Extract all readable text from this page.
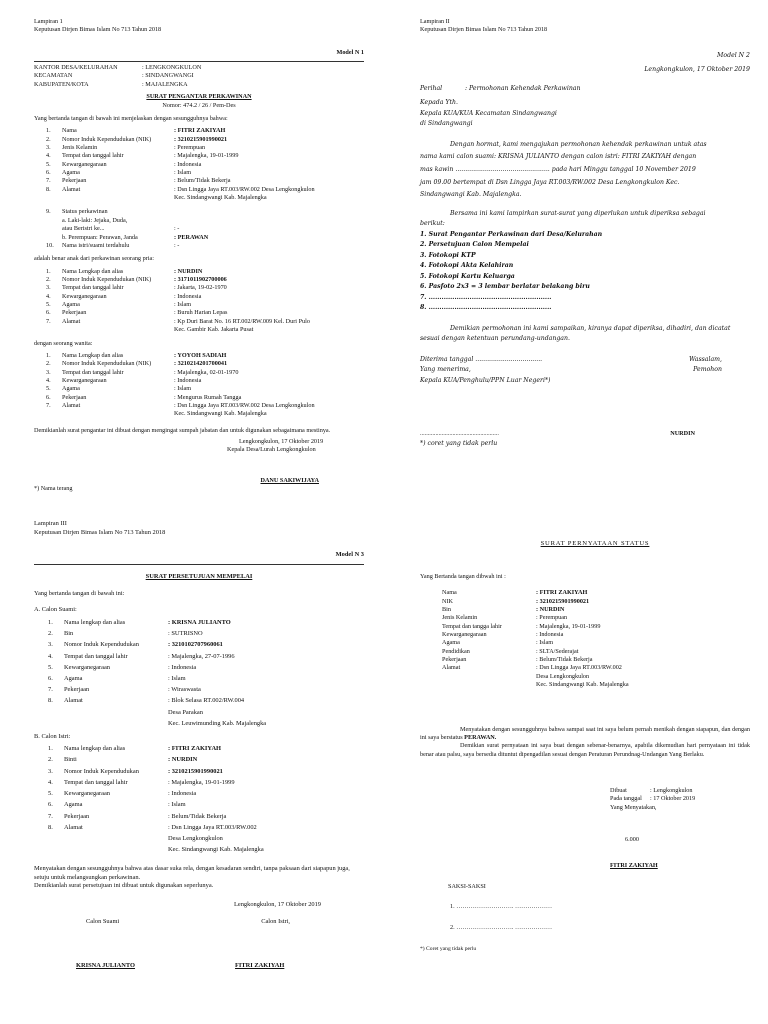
Lampiran 1
Keputusan Dirjen Bimas Islam No 713 Tahun 2018
Model N 1
KANTOR DESA/KELURAHAN	: LENGKONGKULON
KECAMATAN	: SINDANGWANGI
KABUPATEN/KOTA	: MAJALENGKA
SURAT PENGANTAR PERKAWINAN
Nomor: 474.2 / 26 / Pem-Des
Yang bertanda tangan di bawah ini menjelaskan dengan sesungguhnya bahwa:
1.	Nama	: FITRI ZAKIYAH
2.	Nomor Induk Kependudukan (NIK)	: 3210215901990021
3.	Jenis Kelamin	: Perempuan
4.	Tempat dan tanggal lahir	: Majalengka, 19-01-1999
5.	Kewarganegaraan	: Indonesia
6.	Agama	: Islam
7.	Pekerjaan	: Belum/Tidak Bekerja
8.	Alamat	: Dsn Lingga Jaya RT.003/RW.002 Desa Lengkongkulon
Kec. Sindangwangi Kab. Majalengka
9.	Status perkawinan
a. Laki-laki: Jejaka, Duda,
atau Beristri ke...	: -
b. Perempuan: Perawan, Janda	: PERAWAN
10.	Nama istri/suami terdahulu	: -
adalah benar anak dari perkawinan seorang pria:
1.	Nama Lengkap dan alias	: NURDIN
2.	Nomor Induk Kependudukan (NIK)	: 3171011902700006
3.	Tempat dan tanggal lahir	: Jakarta, 19-02-1970
4.	Kewarganegaraan	: Indonesia
5.	Agama	: Islam
6.	Pekerjaan	: Buruh Harian Lepas
7.	Alamat	: Kp Duri Barat No. 16 RT.002/RW.009 Kel. Duri Pulo
Kec. Gambir Kab. Jakarta Pusat
dengan seorang wanita:
1.	Nama Lengkap dan alias	: YOYOH SADIAH
2.	Nomor Induk Kependudukan (NIK)	: 3210214201700041
3.	Tempat dan tanggal lahir	: Majalengka, 02-01-1970
4.	Kewarganegaraan	: Indonesia
5.	Agama	: Islam
6.	Pekerjaan	: Mengurus Rumah Tangga
7.	Alamat	: Dsn Lingga Jaya RT.003/RW.002 Desa Lengkongkulon
Kec. Sindangwangi Kab. Majalengka
Demikianlah surat pengantar ini dibuat dengan mengingat sumpah jabatan dan untuk digunakan sebagaimana mestinya.
Lengkongkulon, 17 Oktober 2019
Kepala Desa/Lurah Lengkongkulon
*) Nama terang
DANU SAKIWIJAYA
Lampiran II
Keputusan Dirjen Bimas Islam No 713 Tahun 2018
Model N 2
Lengkongkulon, 17 Oktober 2019
Perihal	: Permohonan Kehendak Perkawinan
Kepada Yth.
Kepala KUA/KUA Kecamatan Sindangwangi
di Sindangwangi
Dengan hormat, kami mengajukan permohonan kehendak perkawinan untuk atas
nama kami calon suami: KRISNA JULIANTO dengan calon istri: FITRI ZAKIYAH dengan
mas kawin ................................................ pada hari Minggu tanggal 10 November 2019
jam 09.00 bertempat di Dsn Lingga Jaya RT.003/RW.002 Desa Lengkongkulon Kec.
Sindangwangi Kab. Majalengka.
Bersama ini kami lampirkan surat-surat yang diperlukan untuk diperiksa sebagai
berikut:
1. Surat Pengantar Perkawinan dari Desa/Kelurahan
2. Persetujuan Calon Mempelai
3. Fotokopi KTP
4. Fotokopi Akta Kelahiran
5. Fotokopi Kartu Keluarga
6. Pasfoto 2x3 = 3 lembar berlatar belakang biru
7. .........................................................
8. .........................................................
Demikian permohonan ini kami sampaikan, kiranya dapat diperiksa, dihadiri, dan dicatat
sesuai dengan ketentuan perundang-undangan.
Diterima tanggal ..................................	Wassalam,
Yang menerima,	Pemohon
Kepala KUA/Penghulu/PPN Luar Negeri*)
...................................................	NURDIN
*) coret yang tidak perlu
Lampiran III
Keputusan Dirjen Bimas Islam No 713 Tahun 2018
Model N 3
SURAT PERSETUJUAN MEMPELAI
Yang bertanda tangan di bawah ini:
A. Calon Suami:
1.	Nama lengkap dan alias	: KRISNA JULIANTO
2.	Bin	: SUTRISNO
3.	Nomor Induk Kependudukan	: 3210102707960061
4.	Tempat dan tanggal lahir	: Majalengka, 27-07-1996
5.	Kewarganegaraan	: Indonesia
6.	Agama	: Islam
7.	Pekerjaan	: Wiraswasta
8.	Alamat	: Blok Selasa RT.002/RW.004
Desa Parakan
Kec. Leuwimunding Kab. Majalengka
B. Calon Istri:
1.	Nama lengkap dan alias	: FITRI ZAKIYAH
2.	Binti	: NURDIN
3.	Nomor Induk Kependudukan	: 3210215901990021
4.	Tempat dan tanggal lahir	: Majalengka, 19-01-1999
5.	Kewarganegaraan	: Indonesia
6.	Agama	: Islam
7.	Pekerjaan	: Belum/Tidak Bekerja
8.	Alamat	: Dsn Lingga Jaya RT.003/RW.002
Desa Lengkongkulon
Kec. Sindangwangi Kab. Majalengka
Menyatakan dengan sesungguhnya bahwa atas dasar suka rela, dengan kesadaran sendiri, tanpa paksaan dari siapapun juga, setuju untuk melangsungkan perkawinan.
Demikianlah surat persetujuan ini dibuat untuk digunakan seperlunya.
Lengkongkulon, 17 Oktober 2019
Calon Suami	Calon Istri,
KRISNA JULIANTO	FITRI ZAKIYAH
SURAT PERNYATAAN STATUS
Yang Bertanda tangan dibwah ini :
Nama	: FITRI ZAKIYAH
NIK	: 3210215901990021
Bin	: NURDIN
Jenis Kelamin	: Perempuan
Tempat dan tangga lahir	: Majalengka, 19-01-1999
Kewarganegaraan	: Indonesia
Agama	: Islam
Pendidikan	: SLTA/Sederajat
Pekerjaan	: Belum/Tidak Bekerja
Alamat	: Dsn Lingga Jaya RT.003/RW.002
Desa Lengkongkulon
Kec. Sindangwangi Kab. Majalengka
Menyatakan dengan sesungguhnya bahwa sampai saat ini saya belum pernah menikah dengan siapapun, dan dengan ini saya berstatus PERAWAN.
Demikian surat pernyataan ini saya buat dengan sebenar-benarnya, apabila dikemudian hari pernyataan ini tidak benar atau palsu, saya bersedia dituntut dipengadilan sesuai dengan Peraturan Perundnag-Undangan Yang Berlaku.
Dibuat	: Lengkongkulon
Pada tanggal	: 17 Oktober 2019
Yang Menyatakan,
6.000
FITRI ZAKIYAH
SAKSI-SAKSI
1. ………………………. ………………
2. ………………………. ………………
*) Coret yang tidak perlu
